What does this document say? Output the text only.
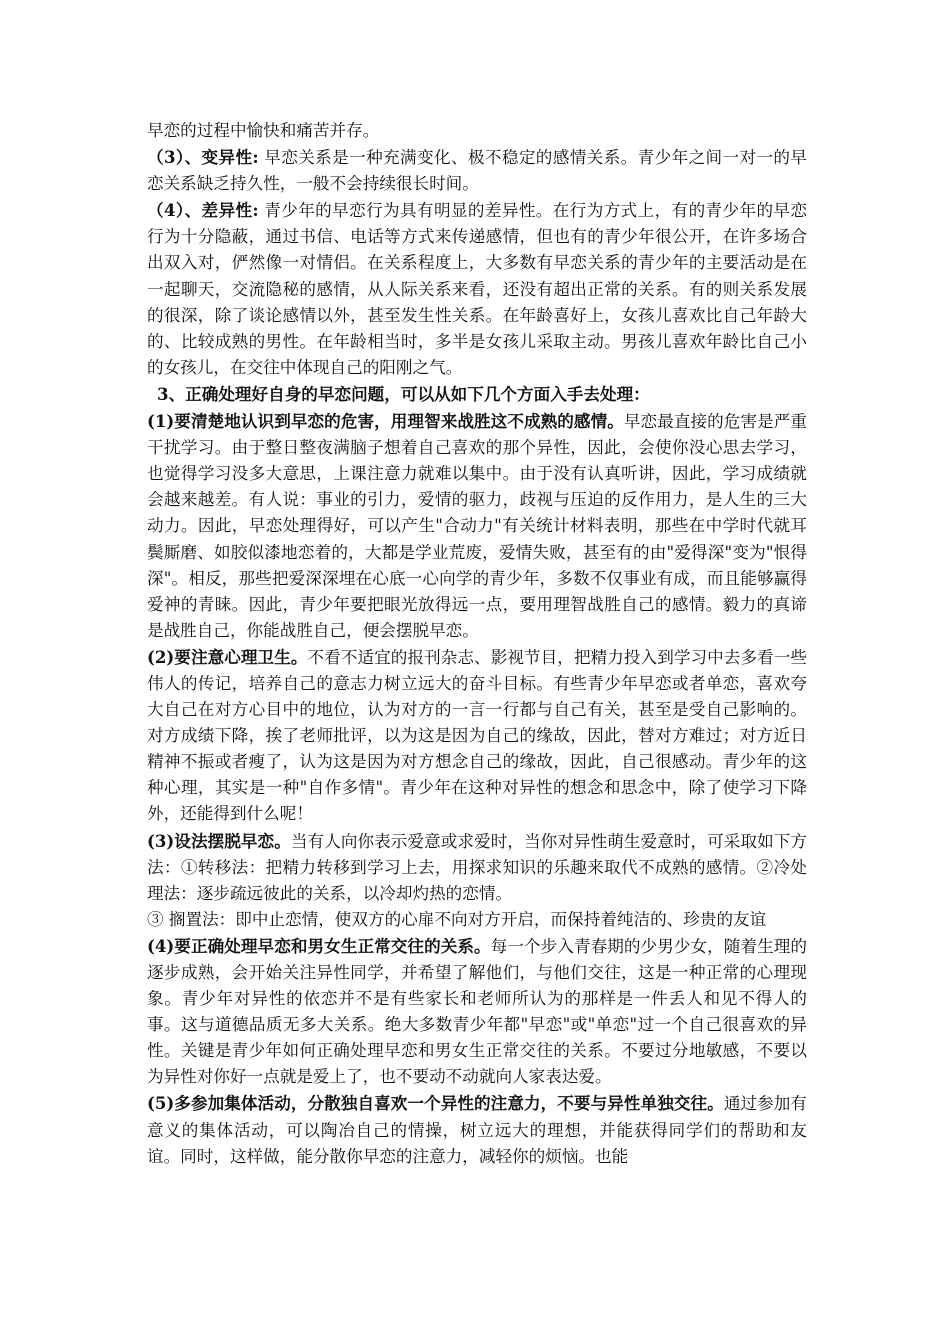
早恋的过程中愉快和痛苦并存。

（3）、变异性: 早恋关系是一种充满变化、极不稳定的感情关系。青少年之间一对一的早恋关系缺乏持久性，一般不会持续很长时间。

（4）、差异性: 青少年的早恋行为具有明显的差异性。在行为方式上，有的青少年的早恋行为十分隐蔽，通过书信、电话等方式来传递感情，但也有的青少年很公开，在许多场合出双入对，俨然像一对情侣。在关系程度上，大多数有早恋关系的青少年的主要活动是在一起聊天，交流隐秘的感情，从人际关系来看，还没有超出正常的关系。有的则关系发展的很深，除了谈论感情以外，甚至发生性关系。在年龄喜好上，女孩儿喜欢比自己年龄大的、比较成熟的男性。在年龄相当时，多半是女孩儿采取主动。男孩儿喜欢年龄比自己小的女孩儿，在交往中体现自己的阳刚之气。

3、正确处理好自身的早恋问题，可以从如下几个方面入手去处理：

(1)要清楚地认识到早恋的危害，用理智来战胜这不成熟的感情。早恋最直接的危害是严重干扰学习。由于整日整夜满脑子想着自己喜欢的那个异性，因此，会使你没心思去学习，也觉得学习没多大意思，上课注意力就难以集中。由于没有认真听讲，因此，学习成绩就会越来越差。有人说：事业的引力，爱情的驱力，歧视与压迫的反作用力，是人生的三大动力。因此，早恋处理得好，可以产生"合动力"有关统计材料表明，那些在中学时代就耳鬓厮磨、如胶似漆地恋着的，大都是学业荒废，爱情失败，甚至有的由"爱得深"变为"恨得深"。相反，那些把爱深深埋在心底一心向学的青少年，多数不仅事业有成，而且能够赢得爱神的青睐。因此，青少年要把眼光放得远一点，要用理智战胜自己的感情。毅力的真谛是战胜自己，你能战胜自己，便会摆脱早恋。

(2)要注意心理卫生。不看不适宜的报刊杂志、影视节目，把精力投入到学习中去多看一些伟人的传记，培养自己的意志力树立远大的奋斗目标。有些青少年早恋或者单恋，喜欢夸大自己在对方心目中的地位，认为对方的一言一行都与自己有关，甚至是受自己影响的。对方成绩下降，挨了老师批评，以为这是因为自己的缘故，因此，替对方难过；对方近日精神不振或者瘦了，认为这是因为对方想念自己的缘故，因此，自己很感动。青少年的这种心理，其实是一种"自作多情"。青少年在这种对异性的想念和思念中，除了使学习下降外，还能得到什么呢！

(3)设法摆脱早恋。当有人向你表示爱意或求爱时，当你对异性萌生爱意时，可采取如下方法：①转移法：把精力转移到学习上去，用探求知识的乐趣来取代不成熟的感情。②冷处理法：逐步疏远彼此的关系，以冷却灼热的恋情。

③ 搁置法：即中止恋情，使双方的心扉不向对方开启，而保持着纯洁的、珍贵的友谊

(4)要正确处理早恋和男女生正常交往的关系。每一个步入青春期的少男少女，随着生理的逐步成熟，会开始关注异性同学，并希望了解他们，与他们交往，这是一种正常的心理现象。青少年对异性的依恋并不是有些家长和老师所认为的那样是一件丢人和见不得人的事。这与道德品质无多大关系。绝大多数青少年都"早恋"或"单恋"过一个自己很喜欢的异性。关键是青少年如何正确处理早恋和男女生正常交往的关系。不要过分地敏感，不要以为异性对你好一点就是爱上了，也不要动不动就向人家表达爱。

(5)多参加集体活动，分散独自喜欢一个异性的注意力，不要与异性单独交往。通过参加有意义的集体活动，可以陶冶自己的情操，树立远大的理想，并能获得同学们的帮助和友谊。同时，这样做，能分散你早恋的注意力，减轻你的烦恼。也能
